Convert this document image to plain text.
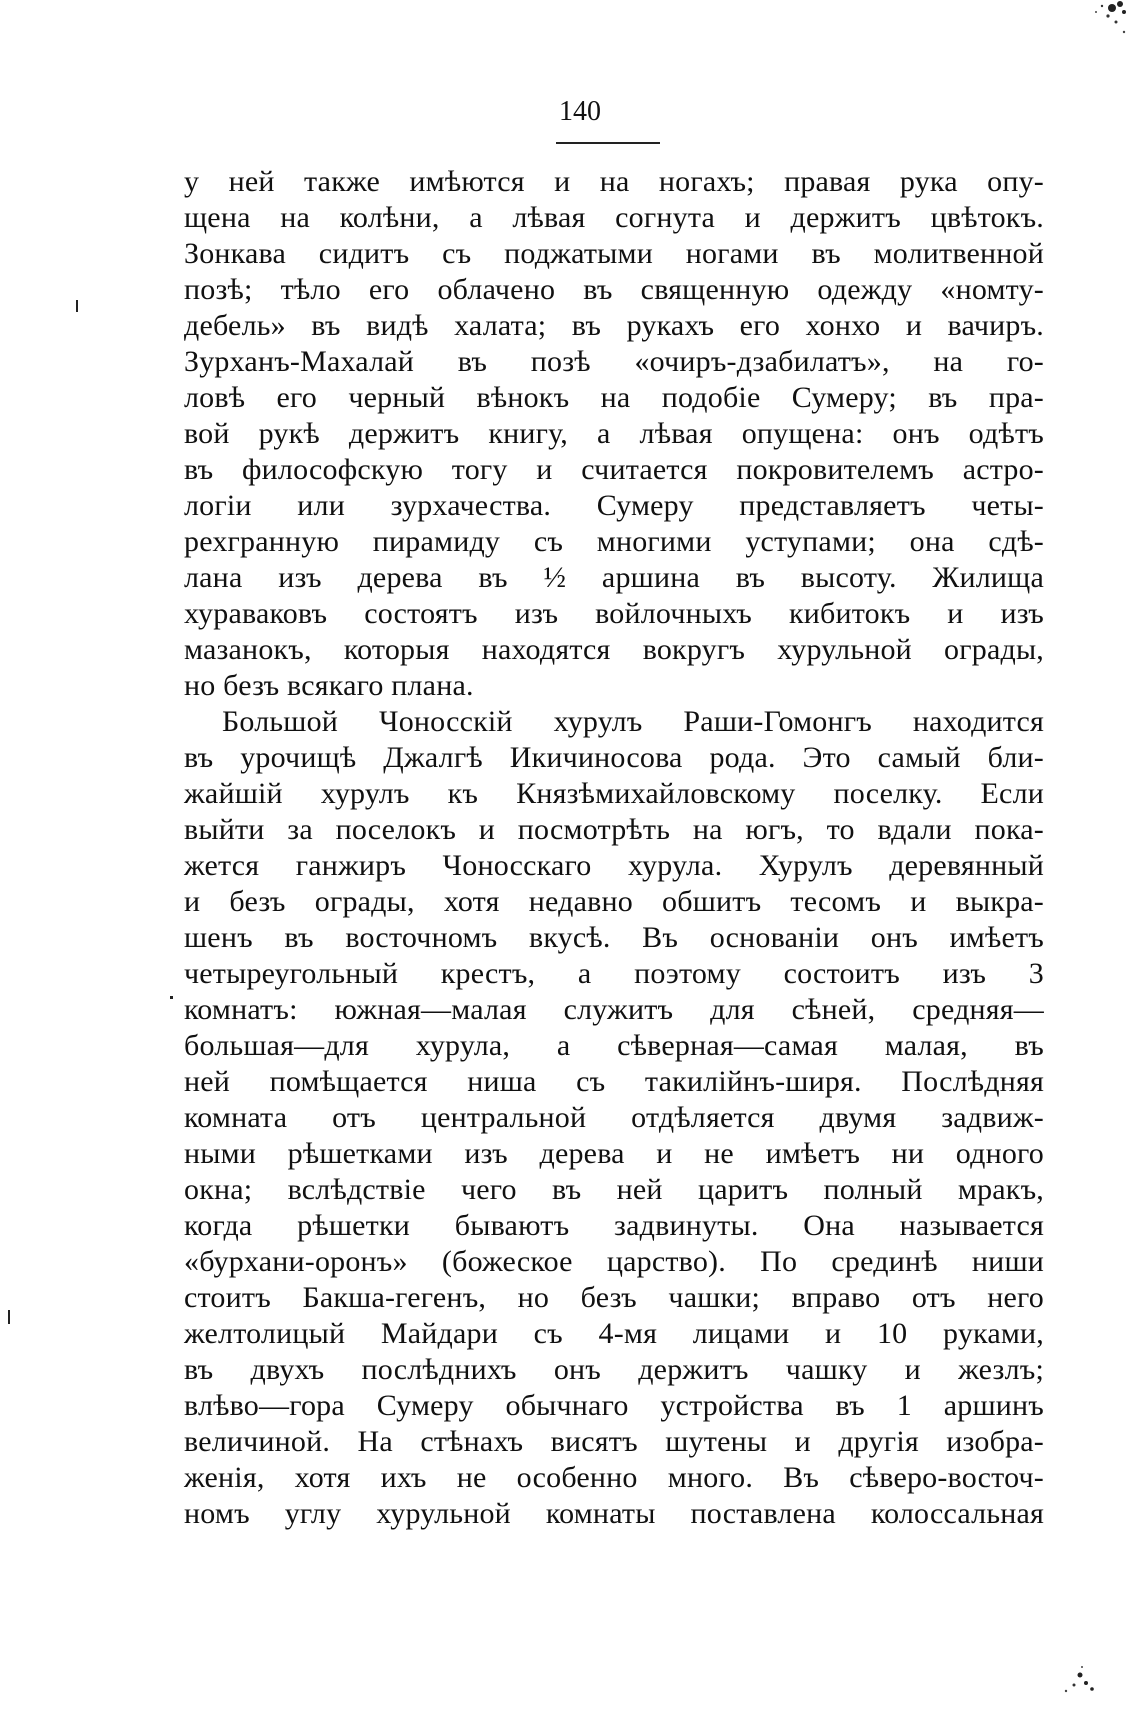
140
у ней также имѣются и на ногахъ; правая рука опу-
щена на колѣни, а лѣвая согнута и держитъ цвѣтокъ.
Зонкава сидитъ съ поджатыми ногами въ молитвенной
позѣ; тѣло его облачено въ священную одежду «номту-
дебель» въ видѣ халата; въ рукахъ его хонхо и вачиръ.
Зурханъ-Махалай въ позѣ «очиръ-дзабилатъ», на го-
ловѣ его черный вѣнокъ на подобіе Сумеру; въ пра-
вой рукѣ держитъ книгу, а лѣвая опущена: онъ одѣтъ
въ философскую тогу и считается покровителемъ астро-
логіи или зурхачества. Сумеру представляетъ четы-
рехгранную пирамиду съ многими уступами; она сдѣ-
лана изъ дерева въ ½ аршина въ высоту. Жилища
хураваковъ состоятъ изъ войлочныхъ кибитокъ и изъ
мазанокъ, которыя находятся вокругъ хурульной ограды,
но безъ всякаго плана.
Большой Чоносскій хурулъ Раши-Гомонгъ находится
въ урочищѣ Джалгѣ Икичиносова рода. Это самый бли-
жайшій хурулъ къ Князѣмихайловскому поселку. Если
выйти за поселокъ и посмотрѣть на югъ, то вдали пока-
жется ганжиръ Чоносскаго хурула. Хурулъ деревянный
и безъ ограды, хотя недавно обшитъ тесомъ и выкра-
шенъ въ восточномъ вкусѣ. Въ основаніи онъ имѣетъ
четыреугольный крестъ, а поэтому состоитъ изъ 3
комнатъ: южная—малая служитъ для сѣней, средняя—
большая—для хурула, а сѣверная—самая малая, въ
ней помѣщается ниша съ такилійнъ-ширя. Послѣдняя
комната отъ центральной отдѣляется двумя задвиж-
ными рѣшетками изъ дерева и не имѣетъ ни одного
окна; вслѣдствіе чего въ ней царитъ полный мракъ,
когда рѣшетки бываютъ задвинуты. Она называется
«бурхани-оронъ» (божеское царство). По срединѣ ниши
стоитъ Бакша-гегенъ, но безъ чашки; вправо отъ него
желтолицый Майдари съ 4-мя лицами и 10 руками,
въ двухъ послѣднихъ онъ держитъ чашку и жезлъ;
влѣво—гора Сумеру обычнаго устройства въ 1 аршинъ
величиной. На стѣнахъ висятъ шутены и другія изобра-
женія, хотя ихъ не особенно много. Въ сѣверо-восточ-
номъ углу хурульной комнаты поставлена колоссальная
